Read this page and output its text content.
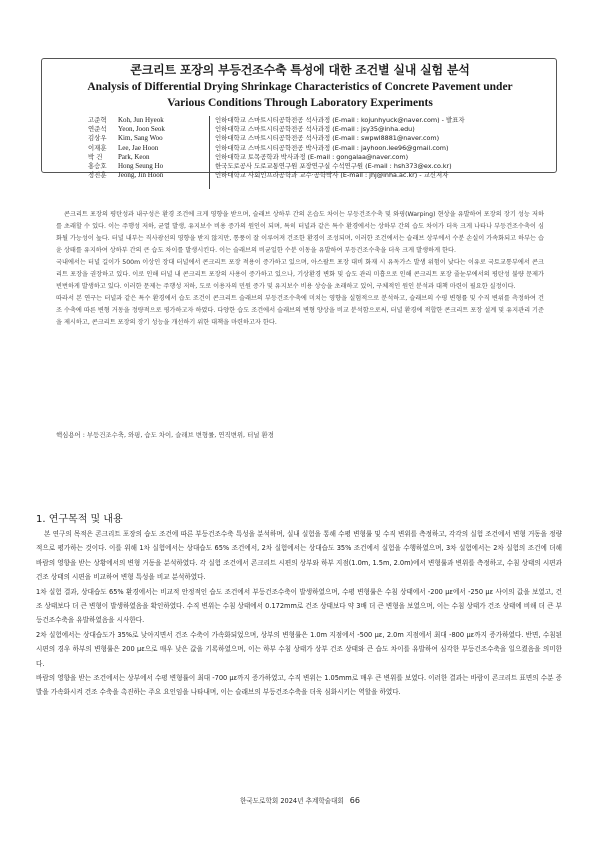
콘크리트 포장의 부등건조수축 특성에 대한 조건별 실내 실험 분석
Analysis of Differential Drying Shrinkage Characteristics of Concrete Pavement under
Various Conditions Through Laboratory Experiments
고준혁	Koh, Jun Hyeok	인하대학교 스마트시티공학전공 석사과정 (E-mail : kojunhyuck@naver.com) - 발표자
연준석	Yeon, Joon Seok	인하대학교 스마트시티공학전공 석사과정 (E-mail : jsy35@inha.edu)
김상우	Kim, Sang Woo	인하대학교 스마트시티공학전공 석사과정 (E-mail : swpwl8881@naver.com)
이재훈	Lee, Jae Hoon	인하대학교 스마트시티공학전공 박사과정 (E-mail : jayhoon.lee96@gmail.com)
박 건	Park, Keon	인하대학교 토목공학과 박사과정 (E-mail : gongalaa@naver.com)
홍승호	Hong Seung Ho	한국도로공사 도로교통연구원 포장연구실 수석연구원 (E-mail : hsh373@ex.co.kr)
정진훈	Jeong, Jin Hoon	인하대학교 사회인프라공학과 교수·공학박사 (E-mail : jhj@inha.ac.kr) - 교신저자

콘크리트 포장의 평탄성과 내구성은 환경 조건에 크게 영향을 받으며, 슬래브 상하부 간의 온습도 차이는 부등건조수축 및 와핑(Warping) 현상을 유발하여 포장의 장기 성능 저하를 초래할 수 있다. 이는 주행성 저하, 균열 발생, 유지보수 비용 증가의 원인이 되며, 특히 터널과 같은 특수 환경에서는 상하부 간의 습도 차이가 더욱 크게 나타나 부등건조수축이 심화될 가능성이 높다. 터널 내부는 직사광선의 영향을 받지 않지만, 통풍이 잘 이루어져 건조한 환경이 조성되며, 이러한 조건에서는 슬래브 상부에서 수분 손실이 가속화되고 하부는 습윤 상태를 유지하여 상하부 간의 큰 습도 차이를 발생시킨다. 이는 슬래브의 비균일한 수분 이동을 유발하여 부등건조수축을 더욱 크게 발생하게 한다.

국내에서는 터널 길이가 500m 이상인 장대 터널에서 콘크리트 포장 적용이 증가하고 있으며, 아스팔트 포장 대비 화재 시 유독가스 발생 위험이 낮다는 이유로 국토교통부에서 콘크리트 포장을 권장하고 있다. 이로 인해 터널 내 콘크리트 포장의 사용이 증가하고 있으나, 기상환경 변화 및 습도 관리 미흡으로 인해 콘크리트 포장 줄눈부에서의 평탄성 불량 문제가 빈번하게 발생하고 있다. 이러한 문제는 주행성 저하, 도로 이용자의 민원 증가 및 유지보수 비용 상승을 초래하고 있어, 구체적인 원인 분석과 대책 마련이 필요한 실정이다.

따라서 본 연구는 터널과 같은 특수 환경에서 습도 조건이 콘크리트 슬래브의 부등건조수축에 미치는 영향을 실험적으로 분석하고, 슬래브의 수평 변형률 및 수직 변위를 측정하여 건조 수축에 따른 변형 거동을 정량적으로 평가하고자 하였다. 다양한 습도 조건에서 슬래브의 변형 양상을 비교 분석함으로써, 터널 환경에 적합한 콘크리트 포장 설계 및 유지관리 기준을 제시하고, 콘크리트 포장의 장기 성능을 개선하기 위한 대책을 마련하고자 한다.

핵심용어 : 부등건조수축, 와핑, 습도 차이, 슬래브 변형률, 연직변위, 터널 환경
1. 연구목적 및 내용

본 연구의 목적은 콘크리트 포장의 습도 조건에 따른 부등건조수축 특성을 분석하며, 실내 실험을 통해 수평 변형률 및 수직 변위를 측정하고, 각각의 실험 조건에서 변형 거동을 정량적으로 평가하는 것이다. 이를 위해 1차 실험에서는 상대습도 65% 조건에서, 2차 실험에서는 상대습도 35% 조건에서 실험을 수행하였으며, 3차 실험에서는 2차 실험의 조건에 더해 바람의 영향을 받는 상황에서의 변형 거동을 분석하였다. 각 실험 조건에서 콘크리트 시편의 상부와 하부 지점(1.0m, 1.5m, 2.0m)에서 변형률과 변위를 측정하고, 수침 상태의 시편과 건조 상태의 시편을 비교하여 변형 특성을 비교 분석하였다.

1차 실험 결과, 상대습도 65% 환경에서는 비교적 안정적인 습도 조건에서 부등건조수축이 발생하였으며, 수평 변형률은 수침 상태에서 -200 με에서 -250 με 사이의 값을 보였고, 건조 상태보다 더 큰 변형이 발생하였음을 확인하였다. 수직 변위는 수침 상태에서 0.172mm로 건조 상태보다 약 3배 더 큰 변형을 보였으며, 이는 수침 상태가 건조 상태에 비해 더 큰 부등건조수축을 유발하였음을 시사한다.

2차 실험에서는 상대습도가 35%로 낮아지면서 건조 수축이 가속화되었으며, 상부의 변형률은 1.0m 지점에서 -500 με, 2.0m 지점에서 최대 -800 με까지 증가하였다. 반면, 수침된 시편의 경우 하부의 변형률은 200 με으로 매우 낮은 값을 기록하였으며, 이는 하부 수침 상태가 상부 건조 상태와 큰 습도 차이를 유발하여 심각한 부등건조수축을 일으켰음을 의미한다.

바람의 영향을 받는 조건에서는 상부에서 수평 변형률이 최대 -700 με까지 증가하였고, 수직 변위는 1.05mm로 매우 큰 변위를 보였다. 이러한 결과는 바람이 콘크리트 표면의 수분 증발을 가속화시켜 건조 수축을 촉진하는 주요 요인임을 나타내며, 이는 슬래브의 부등건조수축을 더욱 심화시키는 역할을 하였다.

한국도로학회 2024년 추계학술대회 66
